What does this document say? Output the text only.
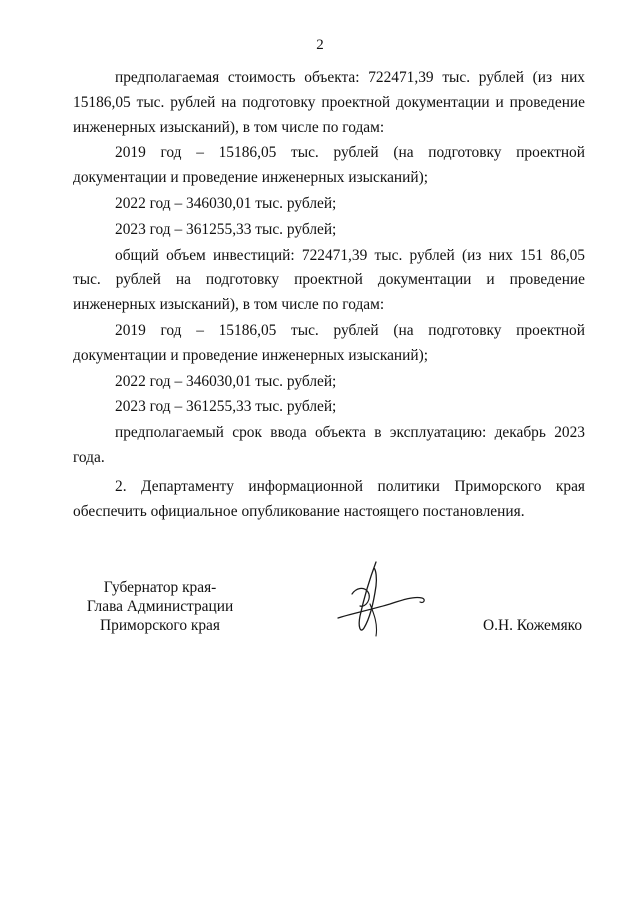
2

предполагаемая стоимость объекта: 722471,39 тыс. рублей (из них 15186,05 тыс. рублей на подготовку проектной документации и проведение инженерных изысканий), в том числе по годам:

2019 год – 15186,05 тыс. рублей (на подготовку проектной документации и проведение инженерных изысканий);

2022 год – 346030,01 тыс. рублей;

2023 год – 361255,33 тыс. рублей;

общий объем инвестиций: 722471,39 тыс. рублей (из них 151 86,05 тыс. рублей на подготовку проектной документации и проведение инженерных изысканий), в том числе по годам:

2019 год – 15186,05 тыс. рублей (на подготовку проектной документации и проведение инженерных изысканий);

2022 год – 346030,01 тыс. рублей;

2023 год – 361255,33 тыс. рублей;

предполагаемый срок ввода объекта в эксплуатацию: декабрь 2023 года.

2. Департаменту информационной политики Приморского края обеспечить официальное опубликование настоящего постановления.

Губернатор края-
Глава Администрации
Приморского края	О.Н. Кожемяко
